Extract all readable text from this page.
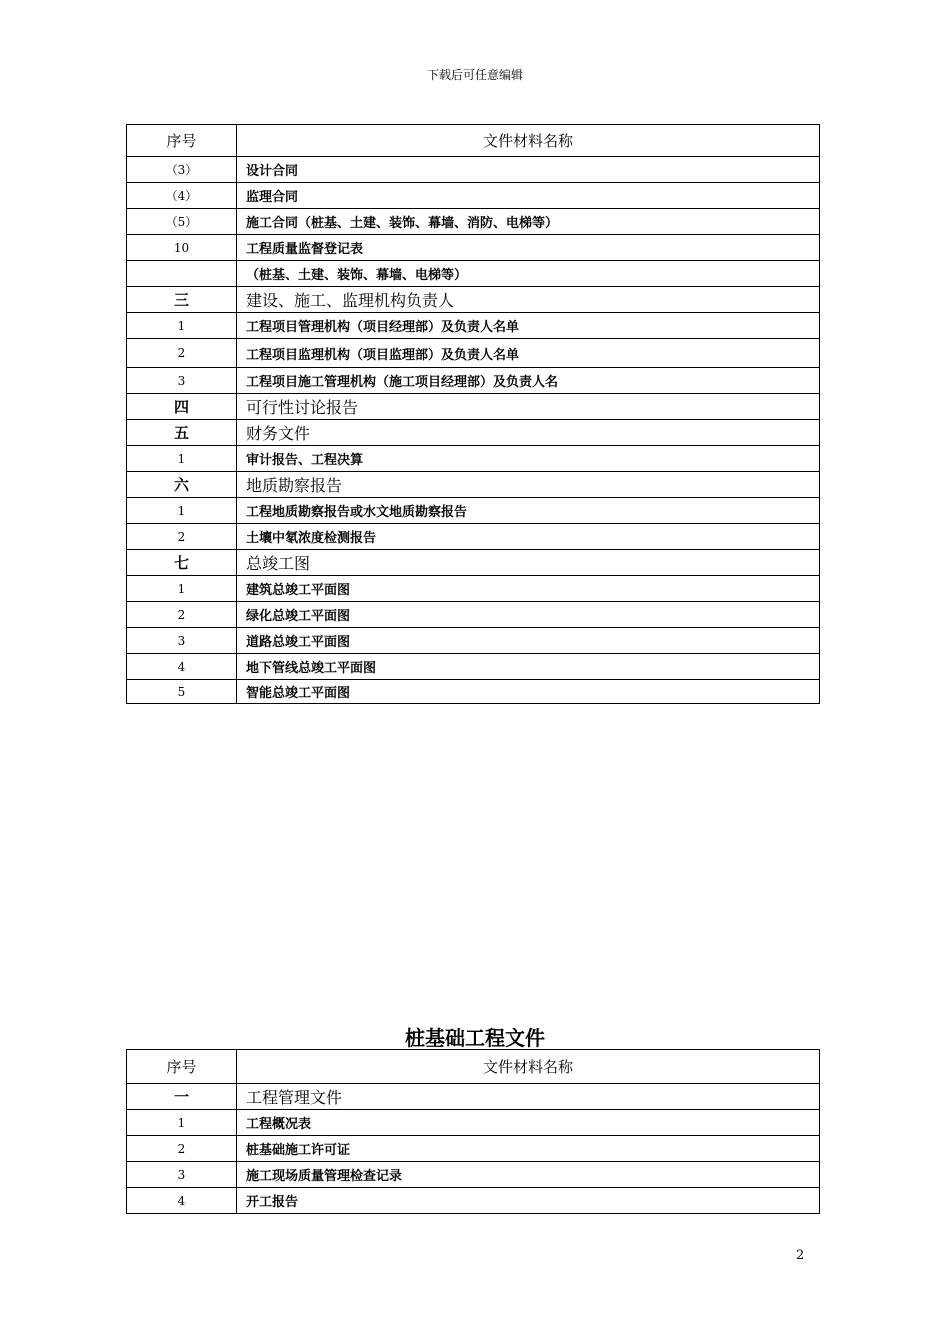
下载后可任意编辑
序号	文件材料名称
（3）	设计合同
（4）	监理合同
（5）	施工合同（桩基、土建、装饰、幕墙、消防、电梯等）
10	工程质量监督登记表
	（桩基、土建、装饰、幕墙、电梯等）
三	建设、施工、监理机构负责人
1	工程项目管理机构（项目经理部）及负责人名单
2	工程项目监理机构（项目监理部）及负责人名单
3	工程项目施工管理机构（施工项目经理部）及负责人名
四	可行性讨论报告
五	财务文件
1	审计报告、工程决算
六	地质勘察报告
1	工程地质勘察报告或水文地质勘察报告
2	土壤中氡浓度检测报告
七	总竣工图
1	建筑总竣工平面图
2	绿化总竣工平面图
3	道路总竣工平面图
4	地下管线总竣工平面图
5	智能总竣工平面图
桩基础工程文件
序号	文件材料名称
一	工程管理文件
1	工程概况表
2	桩基础施工许可证
3	施工现场质量管理检查记录
4	开工报告
2
